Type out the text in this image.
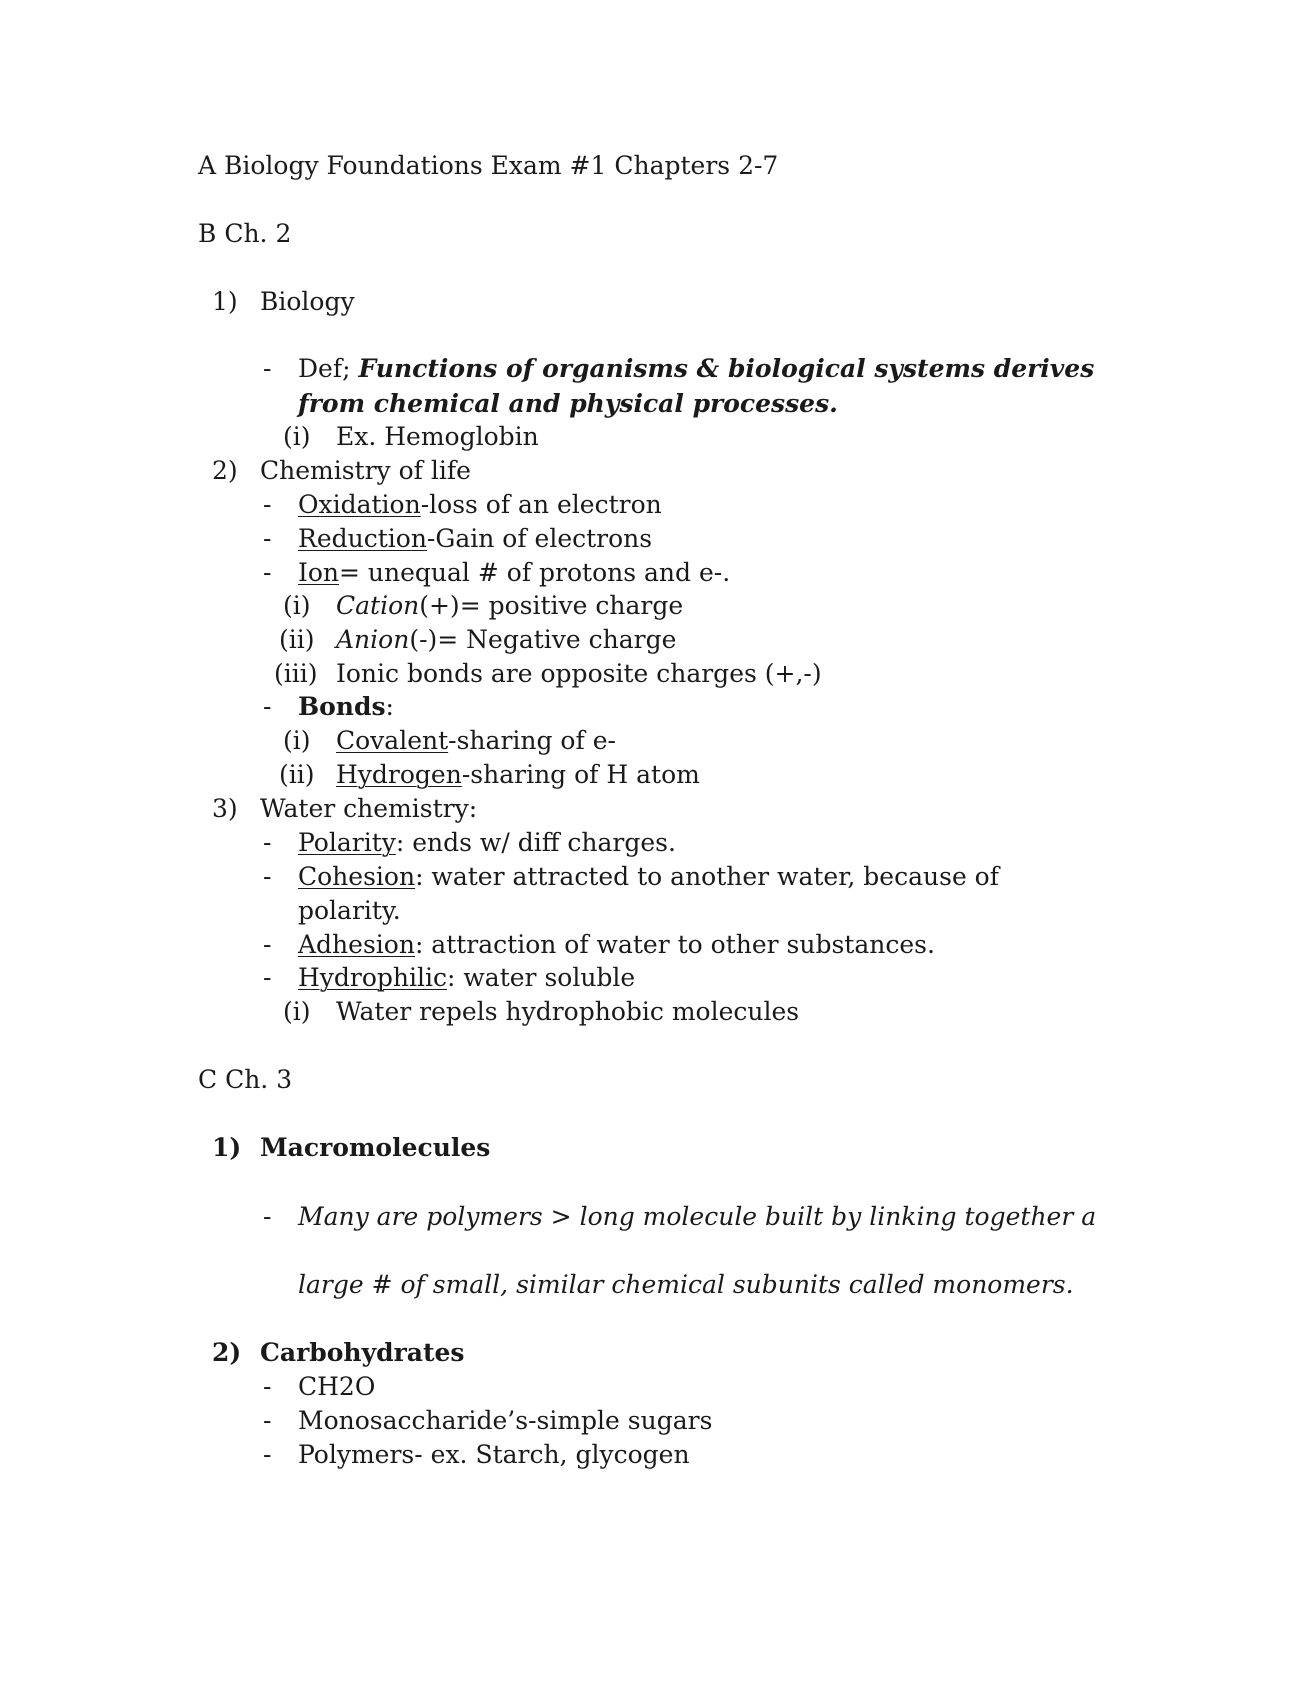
A Biology Foundations Exam #1 Chapters 2-7
B Ch. 2
1) Biology
- Def; Functions of organisms & biological systems derives
from chemical and physical processes.
(i) Ex. Hemoglobin
2) Chemistry of life
- Oxidation-loss of an electron
- Reduction-Gain of electrons
- Ion= unequal # of protons and e-.
(i) Cation(+)= positive charge
(ii) Anion(-)= Negative charge
(iii) Ionic bonds are opposite charges (+,-)
- Bonds:
(i) Covalent-sharing of e-
(ii) Hydrogen-sharing of H atom
3) Water chemistry:
- Polarity: ends w/ diff charges.
- Cohesion: water attracted to another water, because of
polarity.
- Adhesion: attraction of water to other substances.
- Hydrophilic: water soluble
(i) Water repels hydrophobic molecules
C Ch. 3
1) Macromolecules
- Many are polymers > long molecule built by linking together a
large # of small, similar chemical subunits called monomers.
2) Carbohydrates
- CH2O
- Monosaccharide’s-simple sugars
- Polymers- ex. Starch, glycogen
